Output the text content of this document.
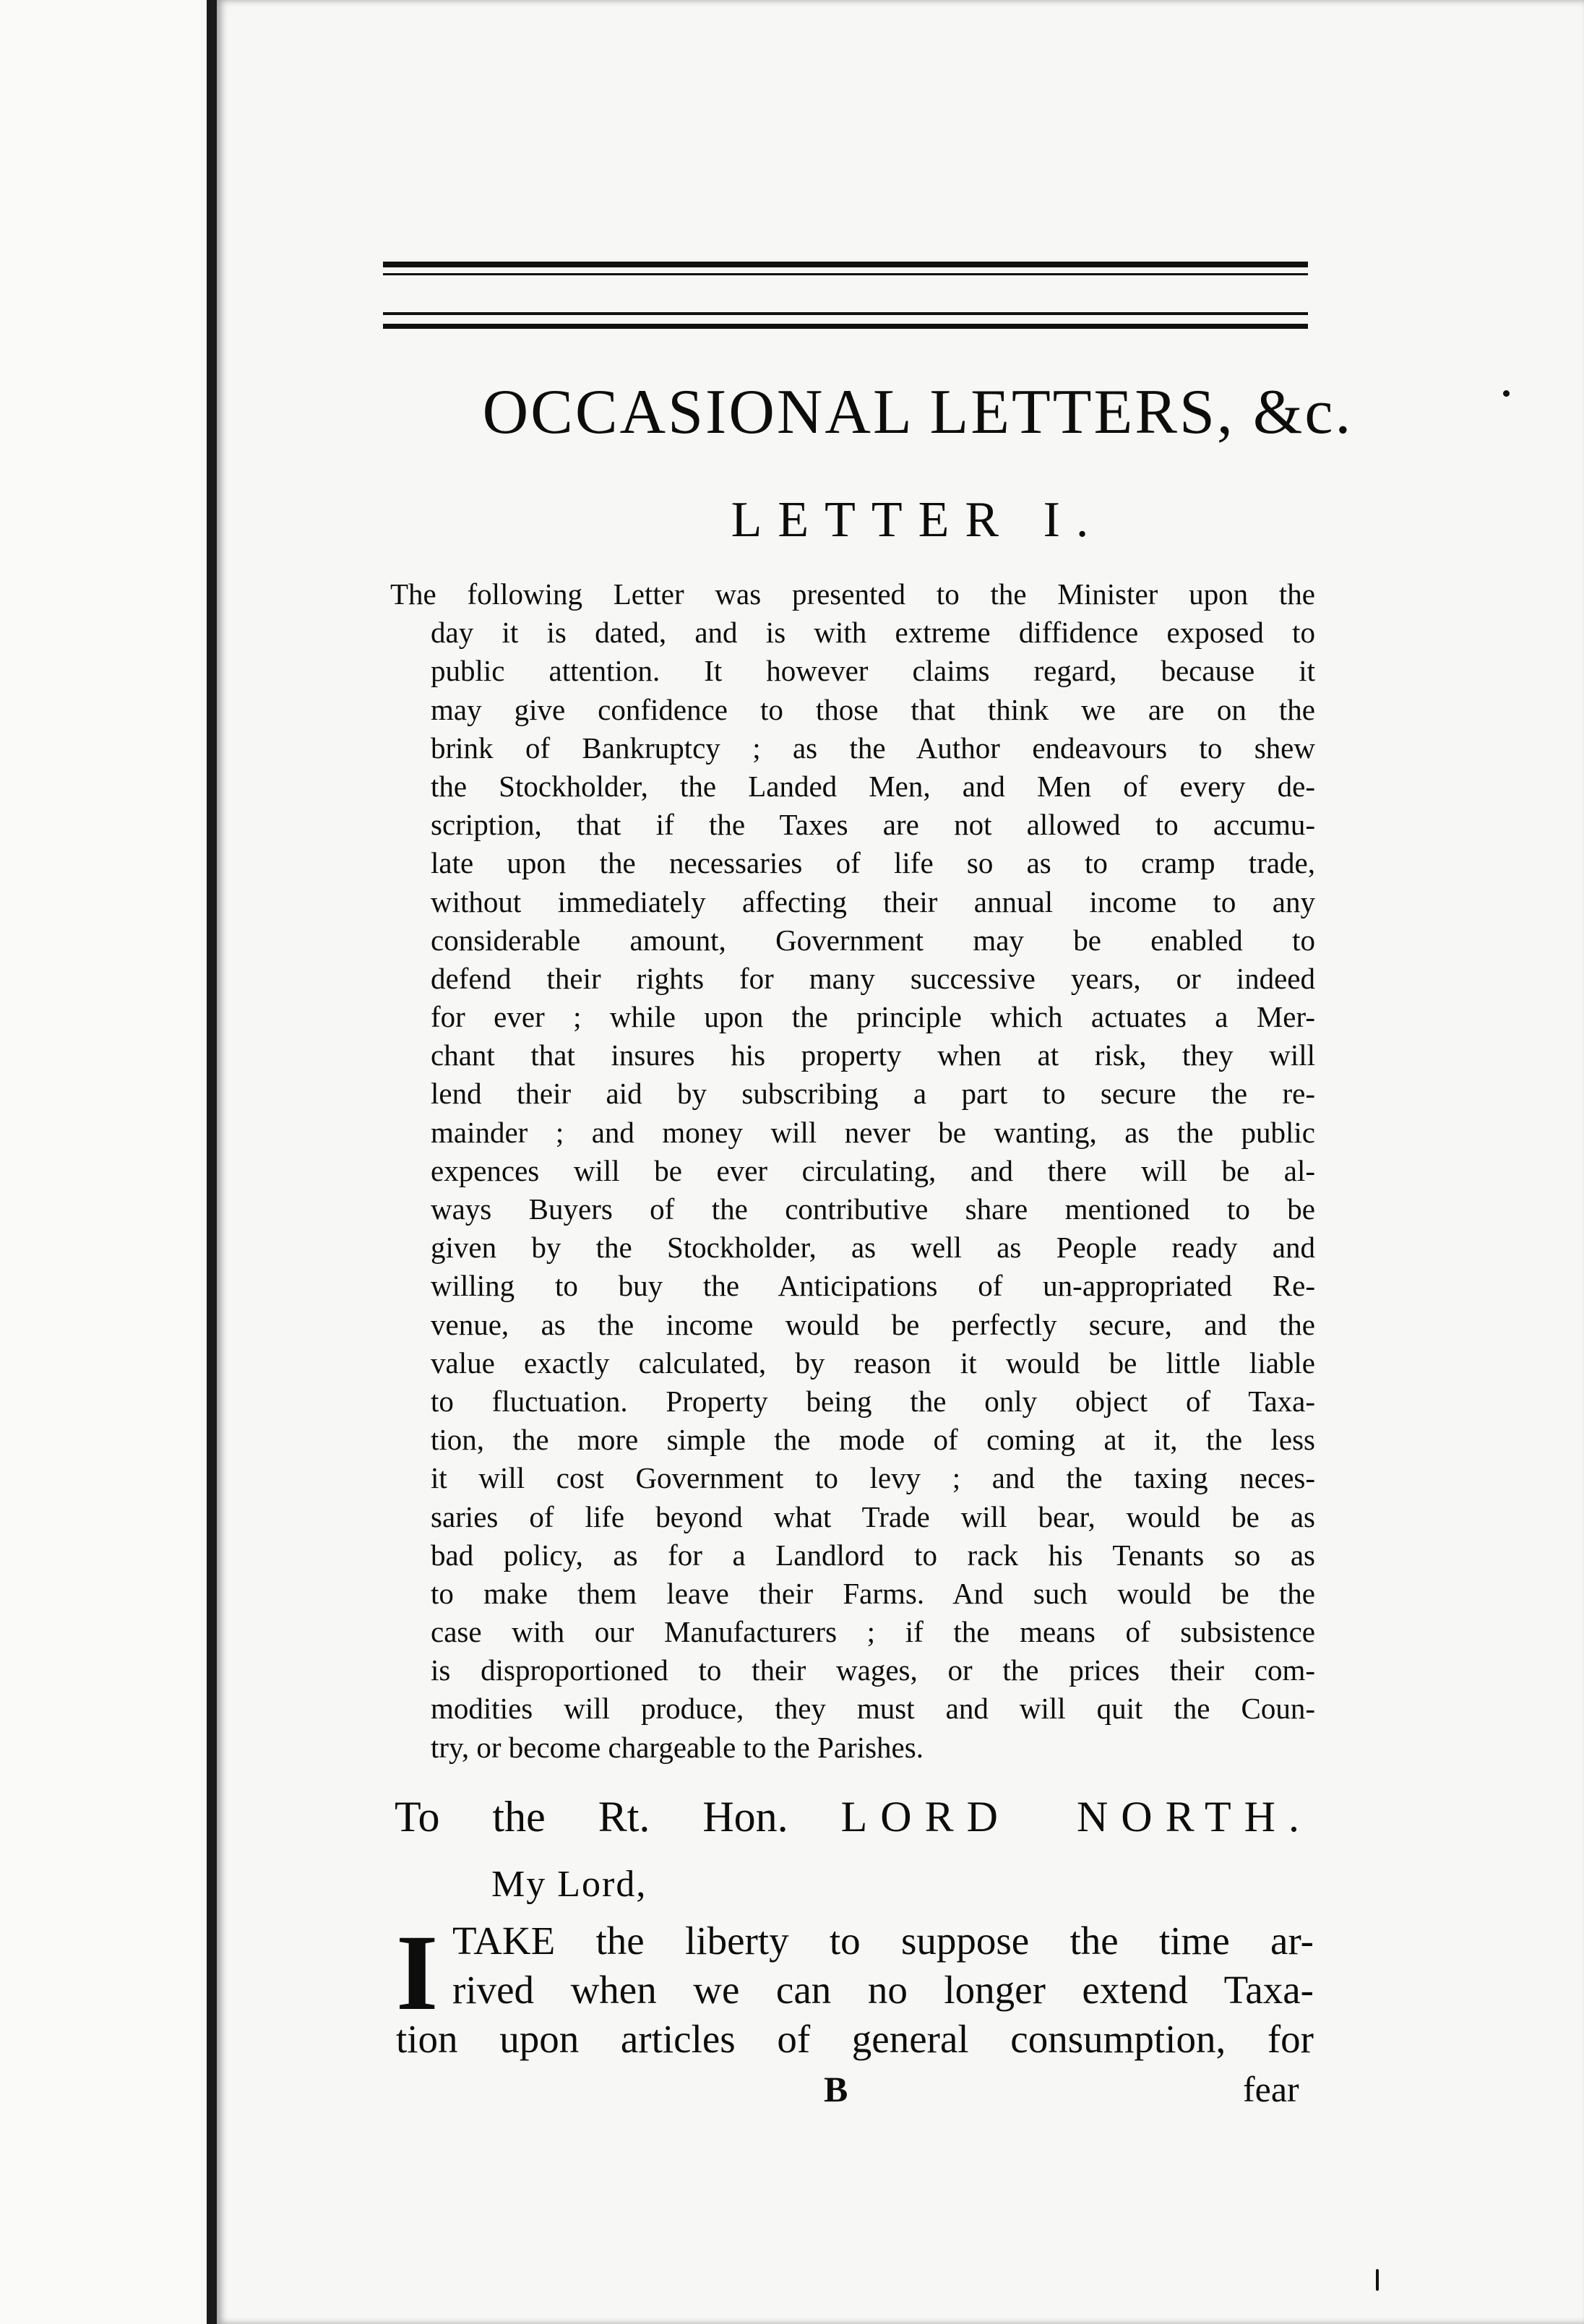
OCCASIONAL LETTERS, &c.
LETTER I.
The following Letter was presented to the Minister upon the
day it is dated, and is with extreme diffidence exposed to
public attention. It however claims regard, because it
may give confidence to those that think we are on the
brink of Bankruptcy ; as the Author endeavours to shew
the Stockholder, the Landed Men, and Men of every de-
scription, that if the Taxes are not allowed to accumu-
late upon the necessaries of life so as to cramp trade,
without immediately affecting their annual income to any
considerable amount, Government may be enabled to
defend their rights for many successive years, or indeed
for ever ; while upon the principle which actuates a Mer-
chant that insures his property when at risk, they will
lend their aid by subscribing a part to secure the re-
mainder ; and money will never be wanting, as the public
expences will be ever circulating, and there will be al-
ways Buyers of the contributive share mentioned to be
given by the Stockholder, as well as People ready and
willing to buy the Anticipations of un-appropriated Re-
venue, as the income would be perfectly secure, and the
value exactly calculated, by reason it would be little liable
to fluctuation. Property being the only object of Taxa-
tion, the more simple the mode of coming at it, the less
it will cost Government to levy ; and the taxing neces-
saries of life beyond what Trade will bear, would be as
bad policy, as for a Landlord to rack his Tenants so as
to make them leave their Farms. And such would be the
case with our Manufacturers ; if the means of subsistence
is disproportioned to their wages, or the prices their com-
modities will produce, they must and will quit the Coun-
try, or become chargeable to the Parishes.
To the Rt. Hon. LORD NORTH.
My Lord,
I TAKE the liberty to suppose the time ar-
rived when we can no longer extend Taxa-
tion upon articles of general consumption, for
B	fear
